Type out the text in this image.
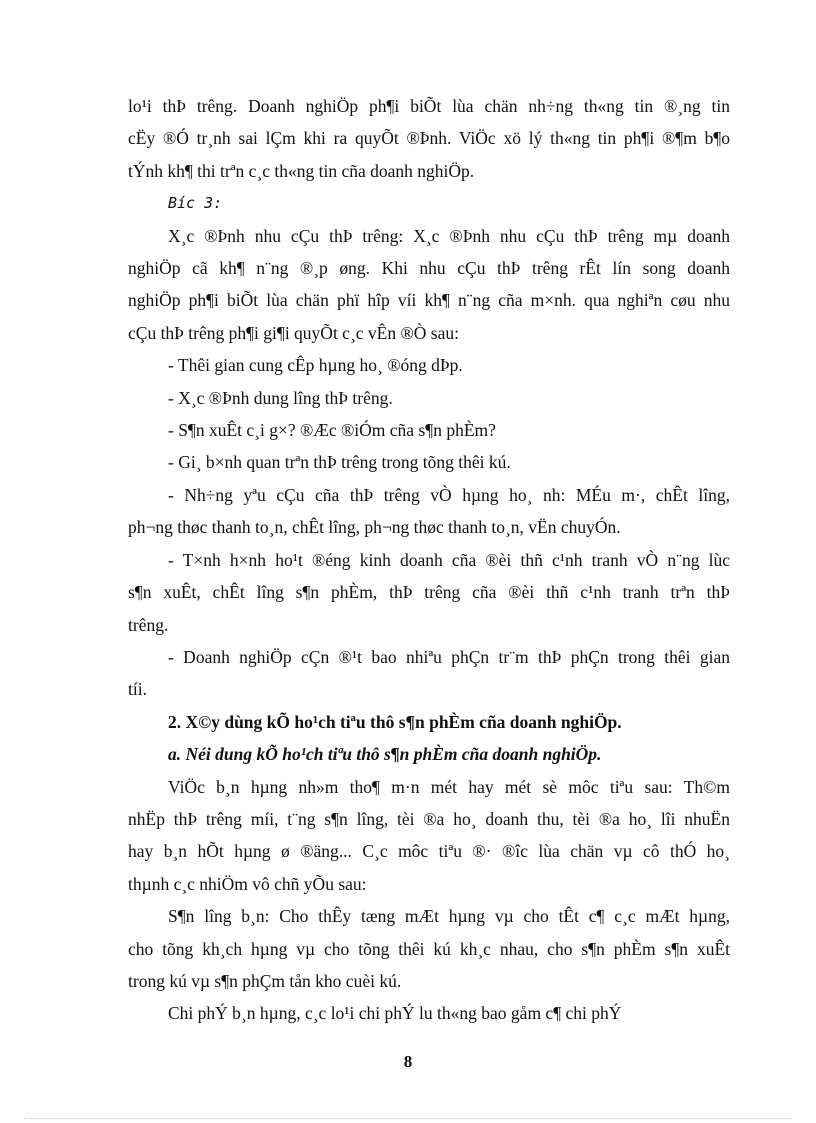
lo¹i thÞ trêng. Doanh nghiÖp ph¶i biÕt lùa chän nh÷ng th«ng tin ®¸ng tin
cËy ®Ó tr¸nh sai lÇm khi ra quyÕt ®Þnh. ViÖc xö lý th«ng tin ph¶i ®¶m b¶o
tÝnh kh¶ thi trªn c¸c th«ng tin cña doanh nghiÖp.
Bíc 3:
X¸c ®Þnh nhu cÇu thÞ trêng: X¸c ®Þnh nhu cÇu thÞ trêng mµ doanh
nghiÖp cã kh¶ n¨ng ®¸p øng. Khi nhu cÇu thÞ trêng rÊt lín song doanh
nghiÖp ph¶i biÕt lùa chän phï hîp víi kh¶ n¨ng cña m×nh. qua nghiªn cøu nhu
cÇu thÞ trêng ph¶i gi¶i quyÕt c¸c vÊn ®Ò sau:
- Thêi gian cung cÊp hµng ho¸ ®óng dÞp.
- X¸c ®Þnh dung lîng thÞ trêng.
- S¶n xuÊt c¸i g×? ®Æc ®iÓm cña s¶n phÈm?
- Gi¸ b×nh quan trªn thÞ trêng trong tõng thêi kú.
- Nh÷ng yªu cÇu cña thÞ trêng vÒ hµng ho¸ nh: MÉu m·, chÊt lîng,
ph¬ng thøc thanh to¸n, chÊt lîng, ph¬ng thøc thanh to¸n, vËn chuyÓn.
- T×nh h×nh ho¹t ®éng kinh doanh cña ®èi thñ c¹nh tranh vÒ n¨ng lùc
s¶n xuÊt, chÊt lîng s¶n phÈm, thÞ trêng cña ®èi thñ c¹nh tranh trªn thÞ
trêng.
- Doanh nghiÖp cÇn ®¹t bao nhiªu phÇn tr¨m thÞ phÇn trong thêi gian
tíi.
2. X©y dùng kÕ ho¹ch tiªu thô s¶n phÈm cña doanh nghiÖp.
a. Néi dung kÕ ho¹ch tiªu thô s¶n phÈm cña doanh nghiÖp.
ViÖc b¸n hµng nh»m tho¶ m·n mét hay mét sè môc tiªu sau: Th©m
nhËp thÞ trêng míi, t¨ng s¶n lîng, tèi ®a ho¸ doanh thu, tèi ®a ho¸ lîi nhuËn
hay b¸n hÕt hµng ø ®äng... C¸c môc tiªu ®· ®îc lùa chän vµ cô thÓ ho¸
thµnh c¸c nhiÖm vô chñ yÕu sau:
S¶n lîng b¸n: Cho thÊy tæng mÆt hµng vµ cho tÊt c¶ c¸c mÆt hµng,
cho tõng kh¸ch hµng vµ cho tõng thêi kú kh¸c nhau, cho s¶n phÈm s¶n xuÊt
trong kú vµ s¶n phÇm tån kho cuèi kú.
Chi phÝ b¸n hµng, c¸c lo¹i chi phÝ lu th«ng bao gåm c¶ chi phÝ
8
